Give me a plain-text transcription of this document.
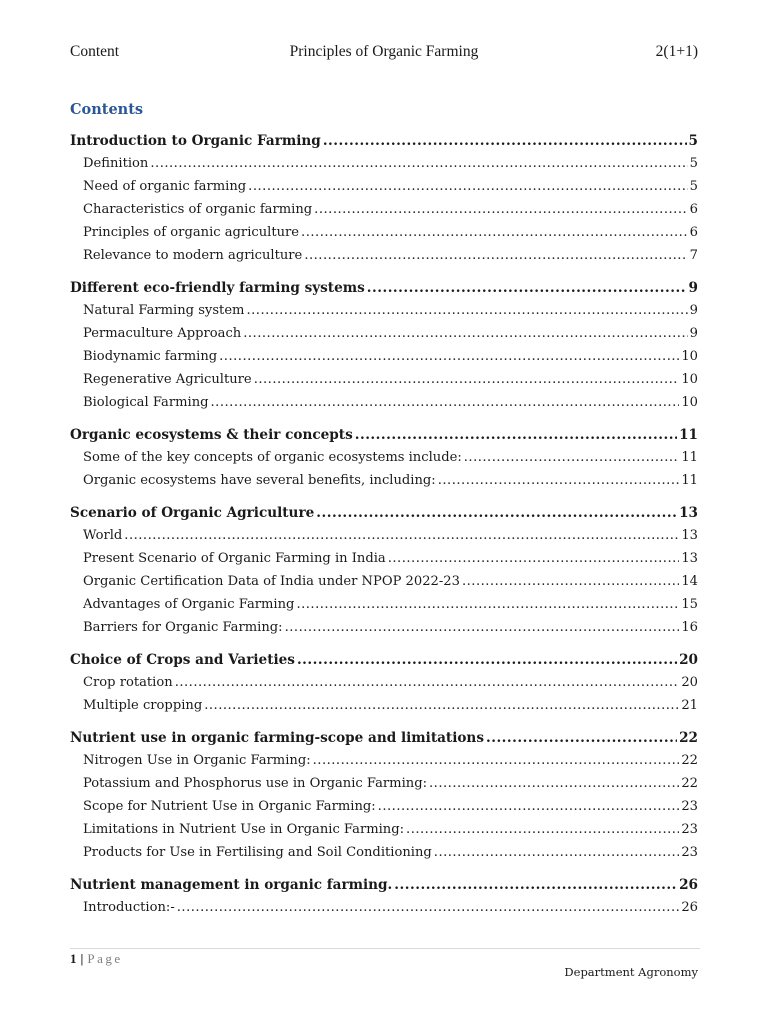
Content	Principles of Organic Farming	2(1+1)
Contents
Introduction to Organic Farming .....	5
Definition .....	5
Need of organic farming .....	5
Characteristics of organic farming .....	6
Principles of organic agriculture .....	6
Relevance to modern agriculture .....	7
Different eco-friendly farming systems .....	9
Natural Farming system .....	9
Permaculture Approach .....	9
Biodynamic farming .....	10
Regenerative Agriculture .....	10
Biological Farming .....	10
Organic ecosystems & their concepts .....	11
Some of the key concepts of organic ecosystems include: .....	11
Organic ecosystems have several benefits, including: .....	11
Scenario of Organic Agriculture .....	13
World .....	13
Present Scenario of Organic Farming in India .....	13
Organic Certification Data of India under NPOP 2022-23 .....	14
Advantages of Organic Farming .....	15
Barriers for Organic Farming: .....	16
Choice of Crops and Varieties .....	20
Crop rotation .....	20
Multiple cropping .....	21
Nutrient use in organic farming-scope and limitations .....	22
Nitrogen Use in Organic Farming: .....	22
Potassium and Phosphorus use in Organic Farming: .....	22
Scope for Nutrient Use in Organic Farming: .....	23
Limitations in Nutrient Use in Organic Farming: .....	23
Products for Use in Fertilising and Soil Conditioning .....	23
Nutrient management in organic farming. .....	26
Introduction:- .....	26
1 | Page
Department Agronomy
